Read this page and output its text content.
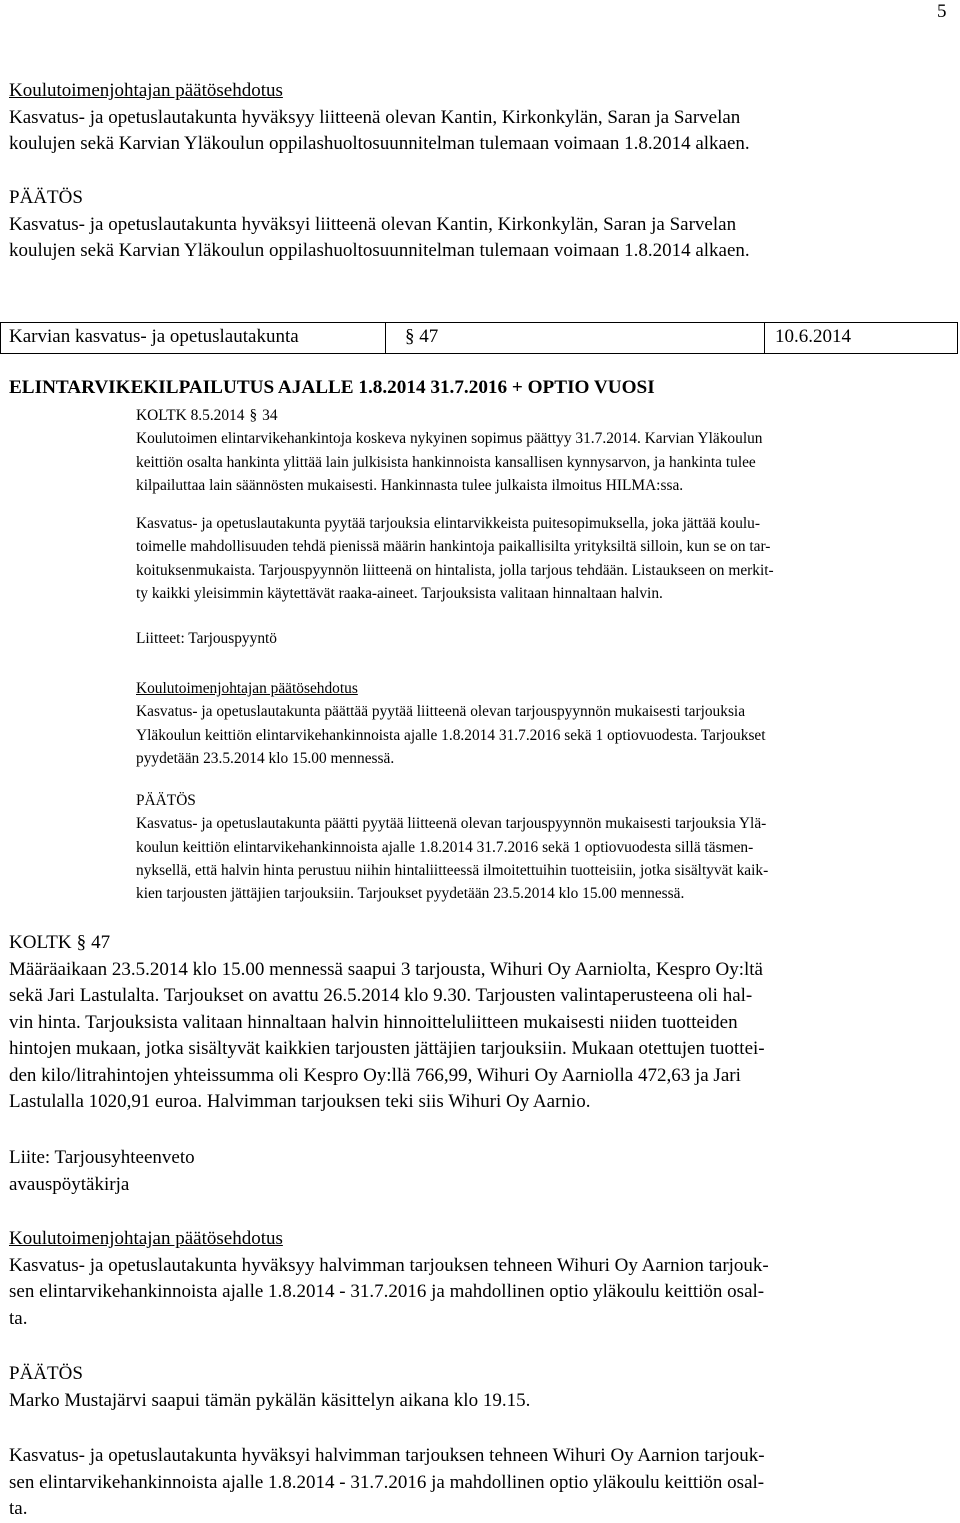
5
Koulutoimenjohtajan päätösehdotus
Kasvatus- ja opetuslautakunta hyväksyy liitteenä olevan Kantin, Kirkonkylän, Saran ja Sarvelan
koulujen sekä Karvian Yläkoulun oppilashuoltosuunnitelman tulemaan voimaan 1.8.2014 alkaen.
PÄÄTÖS
Kasvatus- ja opetuslautakunta hyväksyi liitteenä olevan Kantin, Kirkonkylän, Saran ja Sarvelan
koulujen sekä Karvian Yläkoulun oppilashuoltosuunnitelman tulemaan voimaan 1.8.2014 alkaen.
Karvian kasvatus- ja opetuslautakunta	§ 47	10.6.2014
ELINTARVIKEKILPAILUTUS AJALLE 1.8.2014 31.7.2016 + OPTIO VUOSI
KOLTK 8.5.2014 § 34
Koulutoimen elintarvikehankintoja koskeva nykyinen sopimus päättyy 31.7.2014. Karvian Yläkoulun
keittiön osalta hankinta ylittää lain julkisista hankinnoista kansallisen kynnysarvon, ja hankinta tulee
kilpailuttaa lain säännösten mukaisesti. Hankinnasta tulee julkaista ilmoitus HILMA:ssa.
Kasvatus- ja opetuslautakunta pyytää tarjouksia elintarvikkeista puitesopimuksella, joka jättää koulu-
toimelle mahdollisuuden tehdä pienissä määrin hankintoja paikallisilta yrityksiltä silloin, kun se on tar-
koituksenmukaista. Tarjouspyynnön liitteenä on hintalista, jolla tarjous tehdään. Listaukseen on merkit-
ty kaikki yleisimmin käytettävät raaka-aineet. Tarjouksista valitaan hinnaltaan halvin.
Liitteet: Tarjouspyyntö
Koulutoimenjohtajan päätösehdotus
Kasvatus- ja opetuslautakunta päättää pyytää liitteenä olevan tarjouspyynnön mukaisesti tarjouksia
Yläkoulun keittiön elintarvikehankinnoista ajalle 1.8.2014 31.7.2016 sekä 1 optiovuodesta. Tarjoukset
pyydetään 23.5.2014 klo 15.00 mennessä.
PÄÄTÖS
Kasvatus- ja opetuslautakunta päätti pyytää liitteenä olevan tarjouspyynnön mukaisesti tarjouksia Ylä-
koulun keittiön elintarvikehankinnoista ajalle 1.8.2014 31.7.2016 sekä 1 optiovuodesta sillä täsmen-
nyksellä, että halvin hinta perustuu niihin hintaliitteessä ilmoitettuihin tuotteisiin, jotka sisältyvät kaik-
kien tarjousten jättäjien tarjouksiin. Tarjoukset pyydetään 23.5.2014 klo 15.00 mennessä.
KOLTK § 47
Määräaikaan 23.5.2014 klo 15.00 mennessä saapui 3 tarjousta, Wihuri Oy Aarniolta, Kespro Oy:ltä
sekä Jari Lastulalta. Tarjoukset on avattu 26.5.2014 klo 9.30. Tarjousten valintaperusteena oli hal-
vin hinta. Tarjouksista valitaan hinnaltaan halvin hinnoitteluliitteen mukaisesti niiden tuotteiden
hintojen mukaan, jotka sisältyvät kaikkien tarjousten jättäjien tarjouksiin. Mukaan otettujen tuottei-
den kilo/litrahintojen yhteissumma oli Kespro Oy:llä 766,99, Wihuri Oy Aarniolla 472,63 ja Jari
Lastulalla 1020,91 euroa. Halvimman tarjouksen teki siis Wihuri Oy Aarnio.
Liite: Tarjousyhteenveto
avauspöytäkirja
Koulutoimenjohtajan päätösehdotus
Kasvatus- ja opetuslautakunta hyväksyy halvimman tarjouksen tehneen Wihuri Oy Aarnion tarjouk-
sen elintarvikehankinnoista ajalle 1.8.2014 - 31.7.2016 ja mahdollinen optio yläkoulu keittiön osal-
ta.
PÄÄTÖS
Marko Mustajärvi saapui tämän pykälän käsittelyn aikana klo 19.15.
Kasvatus- ja opetuslautakunta hyväksyi halvimman tarjouksen tehneen Wihuri Oy Aarnion tarjouk-
sen elintarvikehankinnoista ajalle 1.8.2014 - 31.7.2016 ja mahdollinen optio yläkoulu keittiön osal-
ta.
